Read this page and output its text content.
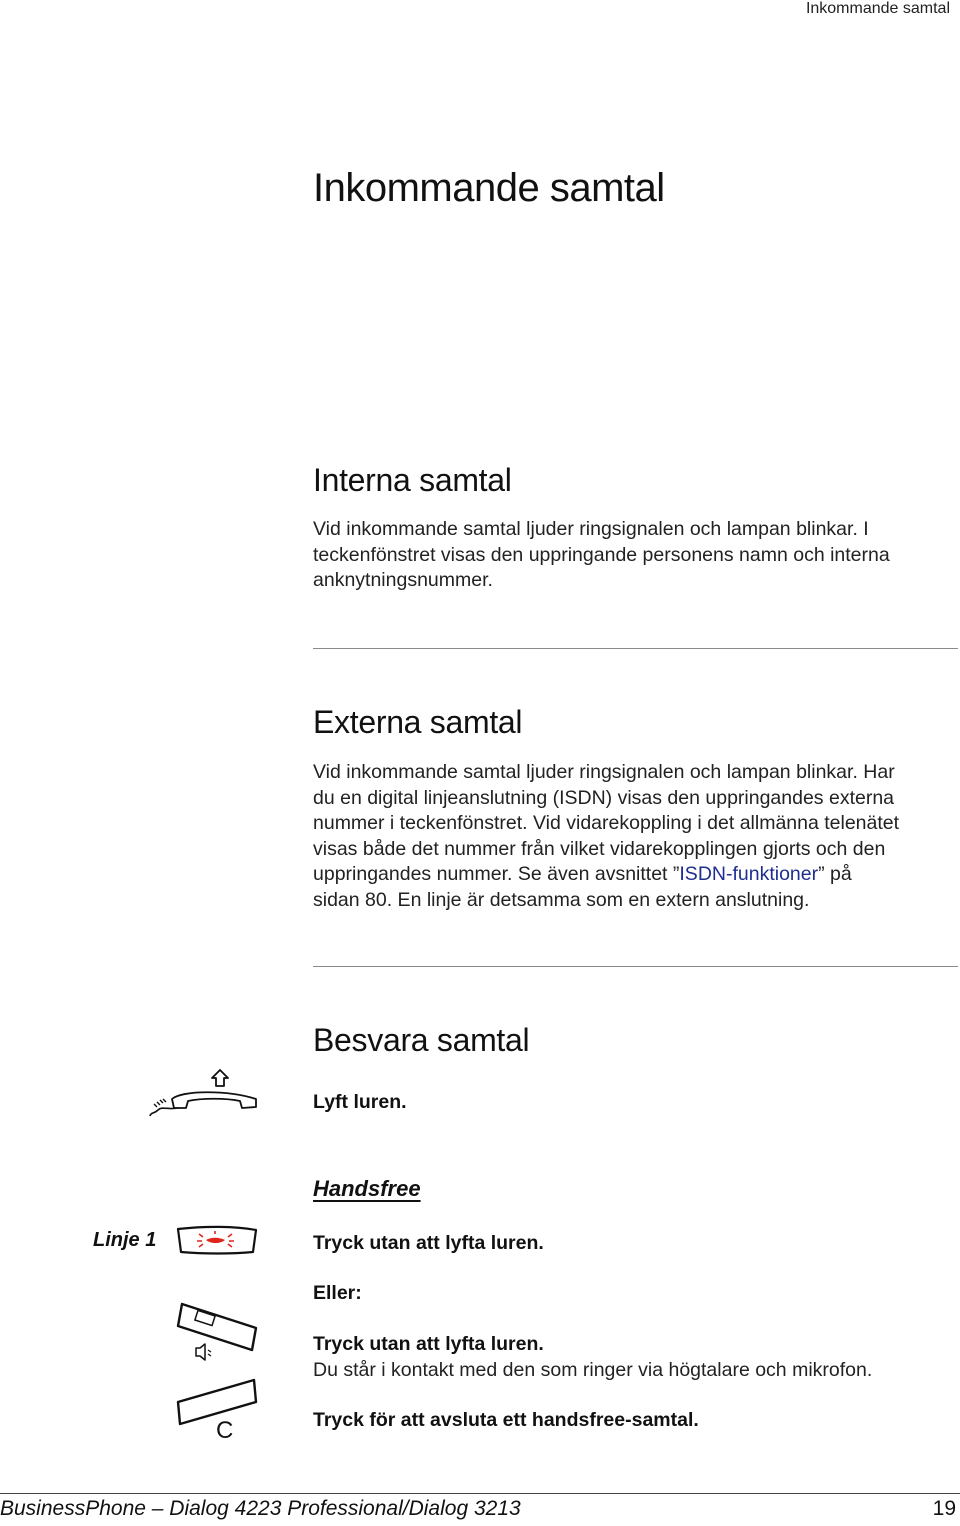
Inkommande samtal
Inkommande samtal
Interna samtal
Vid inkommande samtal ljuder ringsignalen och lampan blinkar. I
teckenfönstret visas den uppringande personens namn och interna
anknytningsnummer.
Externa samtal
Vid inkommande samtal ljuder ringsignalen och lampan blinkar. Har
du en digital linjeanslutning (ISDN) visas den uppringandes externa
nummer i teckenfönstret. Vid vidarekoppling i det allmänna telenätet
visas både det nummer från vilket vidarekopplingen gjorts och den
uppringandes nummer. Se även avsnittet ”ISDN-funktioner” på
sidan 80. En linje är detsamma som en extern anslutning.
Besvara samtal
Lyft luren.
Handsfree
Linje 1	Tryck utan att lyfta luren.
Eller:
Tryck utan att lyfta luren.
Du står i kontakt med den som ringer via högtalare och mikrofon.
C	Tryck för att avsluta ett handsfree-samtal.
BusinessPhone – Dialog 4223 Professional/Dialog 3213	19
